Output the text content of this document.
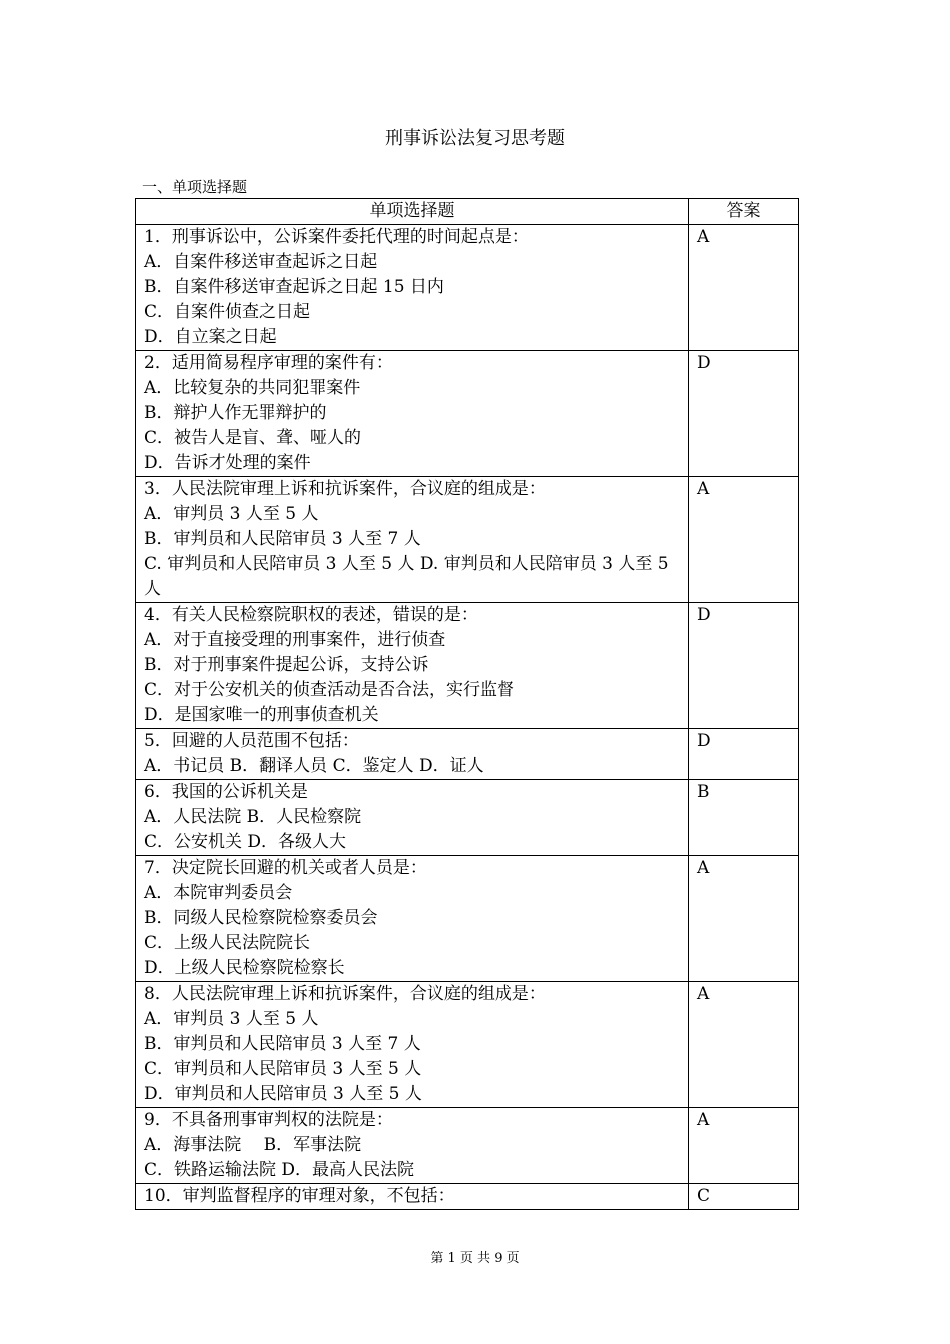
刑事诉讼法复习思考题
一、单项选择题
单项选择题	答案

1．刑事诉讼中，公诉案件委托代理的时间起点是：
A．自案件移送审查起诉之日起
B．自案件移送审查起诉之日起 15 日内
C．自案件侦查之日起
D．自立案之日起	A

2．适用简易程序审理的案件有：
A．比较复杂的共同犯罪案件
B．辩护人作无罪辩护的
C．被告人是盲、聋、哑人的
D．告诉才处理的案件	D

3．人民法院审理上诉和抗诉案件，合议庭的组成是：
A．审判员 3 人至 5 人
B．审判员和人民陪审员 3 人至 7 人
C. 审判员和人民陪审员 3 人至 5 人 D. 审判员和人民陪审员 3 人至 5 人	A

4．有关人民检察院职权的表述，错误的是：
A．对于直接受理的刑事案件，进行侦查
B．对于刑事案件提起公诉，支持公诉
C．对于公安机关的侦查活动是否合法，实行监督
D．是国家唯一的刑事侦查机关	D

5．回避的人员范围不包括：
A．书记员 B．翻译人员 C．鉴定人 D．证人	D

6．我国的公诉机关是
A．人民法院 B．人民检察院
C．公安机关 D．各级人大	B

7．决定院长回避的机关或者人员是：
A．本院审判委员会
B．同级人民检察院检察委员会
C．上级人民法院院长
D．上级人民检察院检察长	A

8．人民法院审理上诉和抗诉案件，合议庭的组成是：
A．审判员 3 人至 5 人
B．审判员和人民陪审员 3 人至 7 人
C．审判员和人民陪审员 3 人至 5 人
D．审判员和人民陪审员 3 人至 5 人	A

9．不具备刑事审判权的法院是：
A．海事法院　 B．军事法院
C．铁路运输法院 D．最高人民法院	A

10．审判监督程序的审理对象，不包括：	C
第 1 页 共 9 页
